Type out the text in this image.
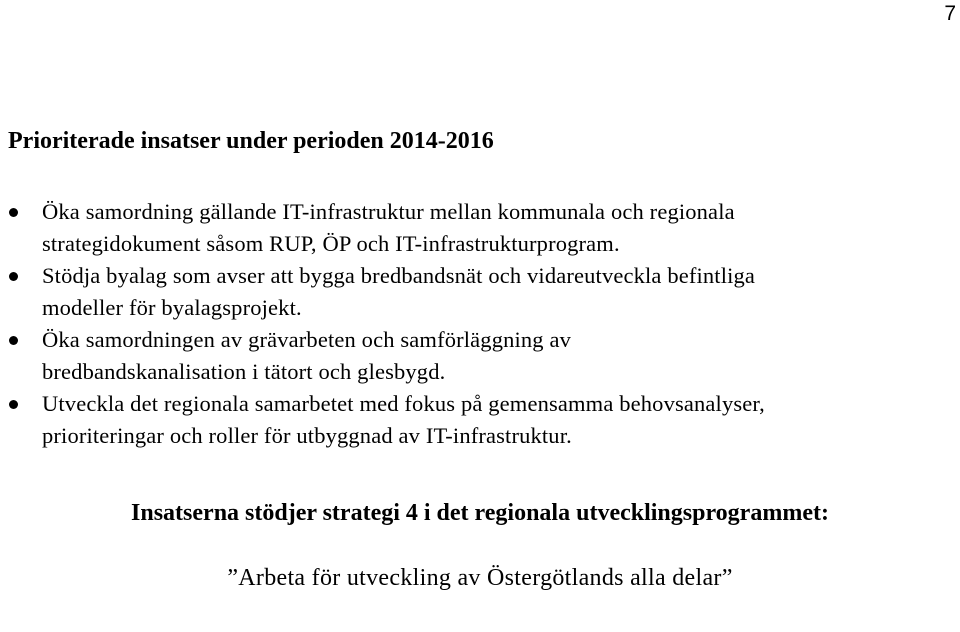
7
Prioriterade insatser under perioden 2014-2016
Öka samordning gällande IT-infrastruktur mellan kommunala och regionala
strategidokument såsom RUP, ÖP och IT-infrastrukturprogram.
Stödja byalag som avser att bygga bredbandsnät och vidareutveckla befintliga
modeller för byalagsprojekt.
Öka samordningen av grävarbeten och samförläggning av
bredbandskanalisation i tätort och glesbygd.
Utveckla det regionala samarbetet med fokus på gemensamma behovsanalyser,
prioriteringar och roller för utbyggnad av IT-infrastruktur.

Insatserna stödjer strategi 4 i det regionala utvecklingsprogrammet:

”Arbeta för utveckling av Östergötlands alla delar”
